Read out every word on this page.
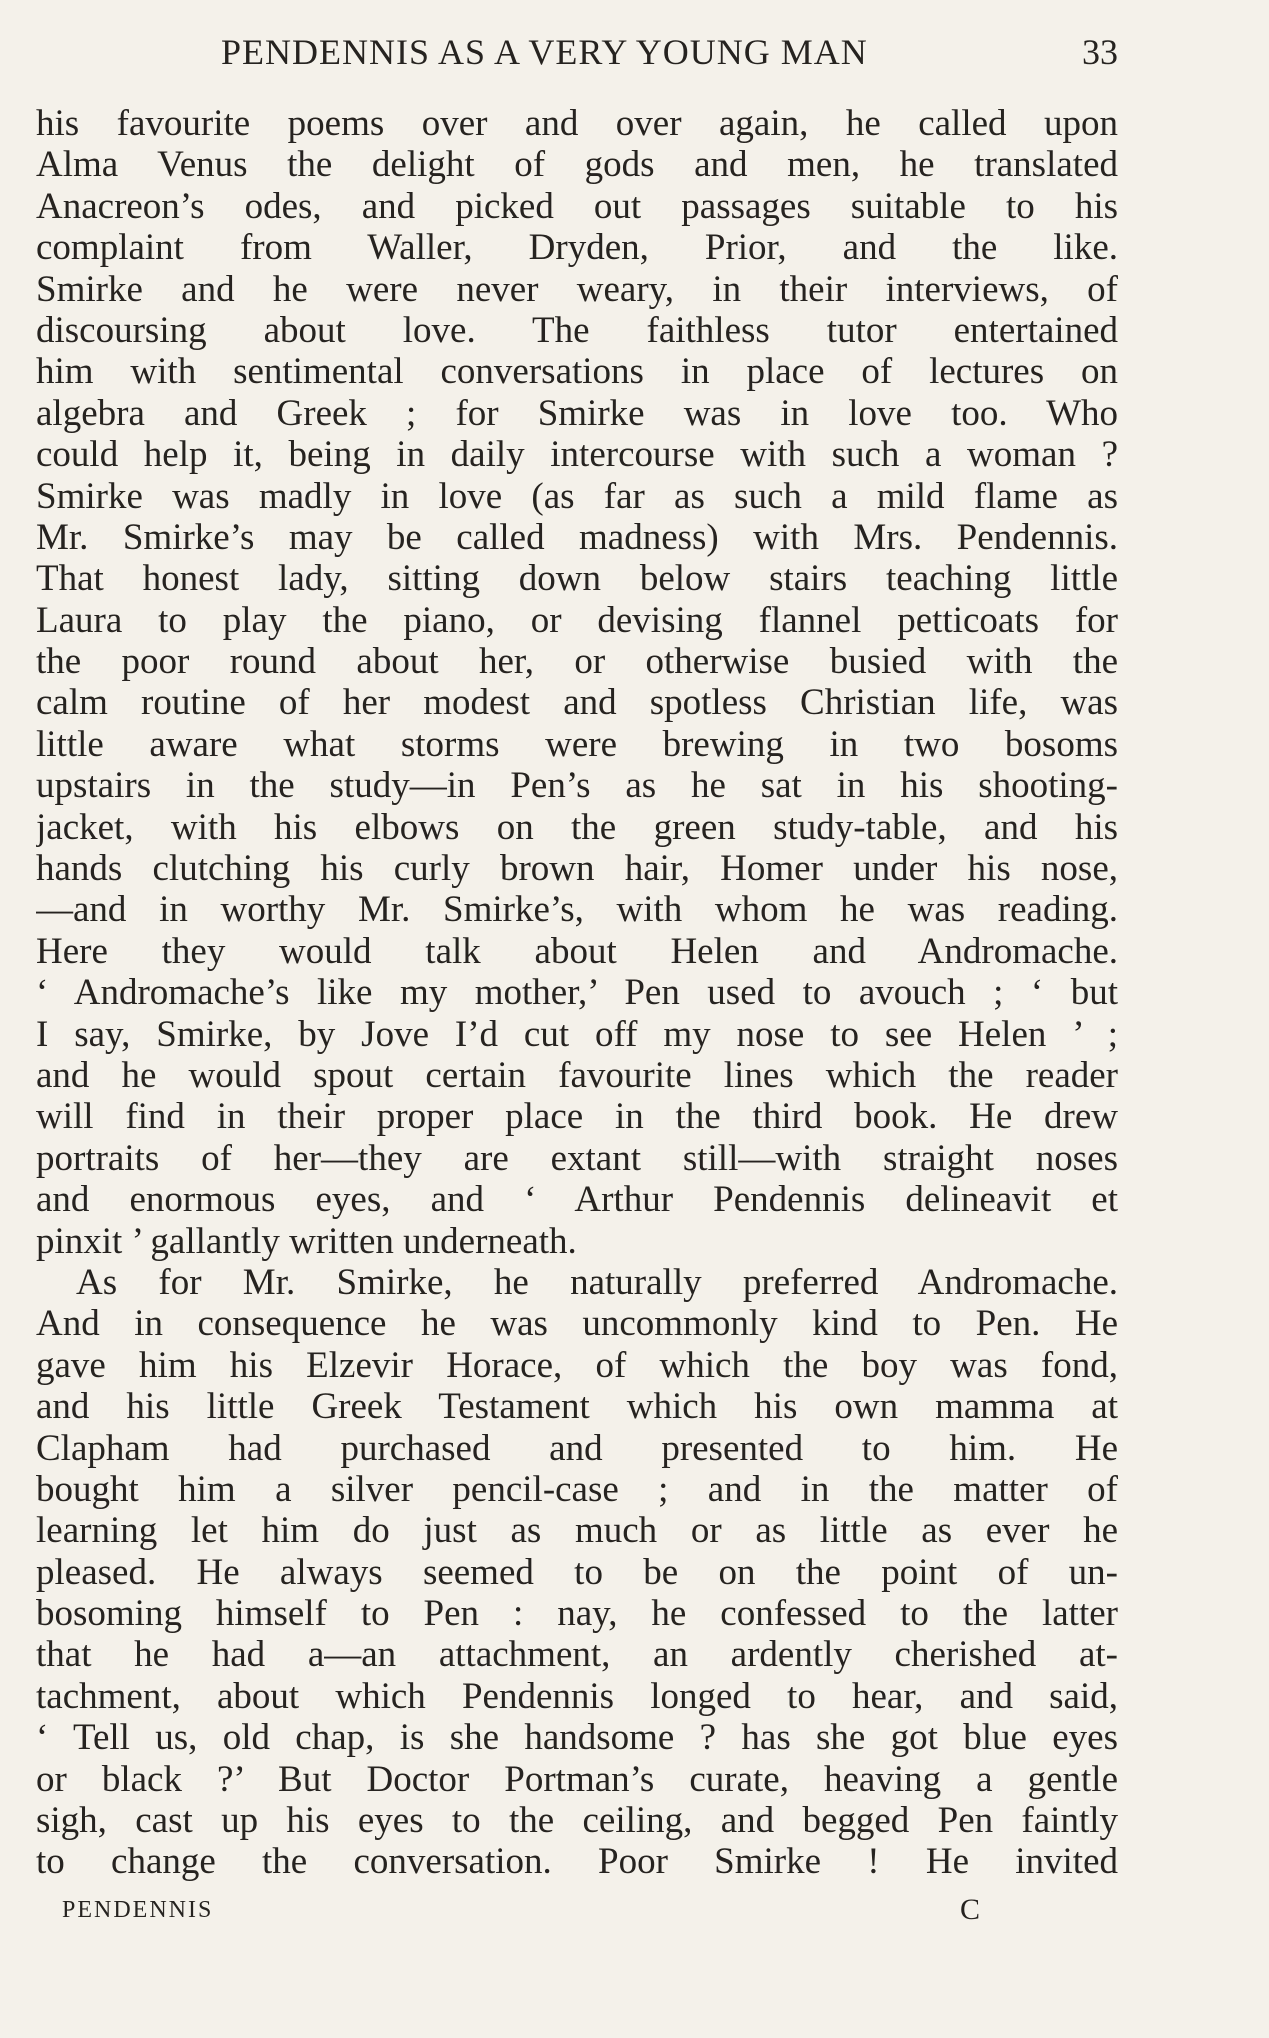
PENDENNIS AS A VERY YOUNG MAN	33
his favourite poems over and over again, he called upon
Alma Venus the delight of gods and men, he translated
Anacreon’s odes, and picked out passages suitable to his
complaint from Waller, Dryden, Prior, and the like.
Smirke and he were never weary, in their interviews, of
discoursing about love. The faithless tutor entertained
him with sentimental conversations in place of lectures on
algebra and Greek ; for Smirke was in love too. Who
could help it, being in daily intercourse with such a woman ?
Smirke was madly in love (as far as such a mild flame as
Mr. Smirke’s may be called madness) with Mrs. Pendennis.
That honest lady, sitting down below stairs teaching little
Laura to play the piano, or devising flannel petticoats for
the poor round about her, or otherwise busied with the
calm routine of her modest and spotless Christian life, was
little aware what storms were brewing in two bosoms
upstairs in the study—in Pen’s as he sat in his shooting-
jacket, with his elbows on the green study-table, and his
hands clutching his curly brown hair, Homer under his nose,
—and in worthy Mr. Smirke’s, with whom he was reading.
Here they would talk about Helen and Andromache.
‘ Andromache’s like my mother,’ Pen used to avouch ; ‘ but
I say, Smirke, by Jove I’d cut off my nose to see Helen ’ ;
and he would spout certain favourite lines which the reader
will find in their proper place in the third book. He drew
portraits of her—they are extant still—with straight noses
and enormous eyes, and ‘ Arthur Pendennis delineavit et
pinxit ’ gallantly written underneath.
As for Mr. Smirke, he naturally preferred Andromache.
And in consequence he was uncommonly kind to Pen. He
gave him his Elzevir Horace, of which the boy was fond,
and his little Greek Testament which his own mamma at
Clapham had purchased and presented to him. He
bought him a silver pencil-case ; and in the matter of
learning let him do just as much or as little as ever he
pleased. He always seemed to be on the point of un-
bosoming himself to Pen : nay, he confessed to the latter
that he had a—an attachment, an ardently cherished at-
tachment, about which Pendennis longed to hear, and said,
‘ Tell us, old chap, is she handsome ? has she got blue eyes
or black ?’ But Doctor Portman’s curate, heaving a gentle
sigh, cast up his eyes to the ceiling, and begged Pen faintly
to change the conversation. Poor Smirke ! He invited
PENDENNIS	C
